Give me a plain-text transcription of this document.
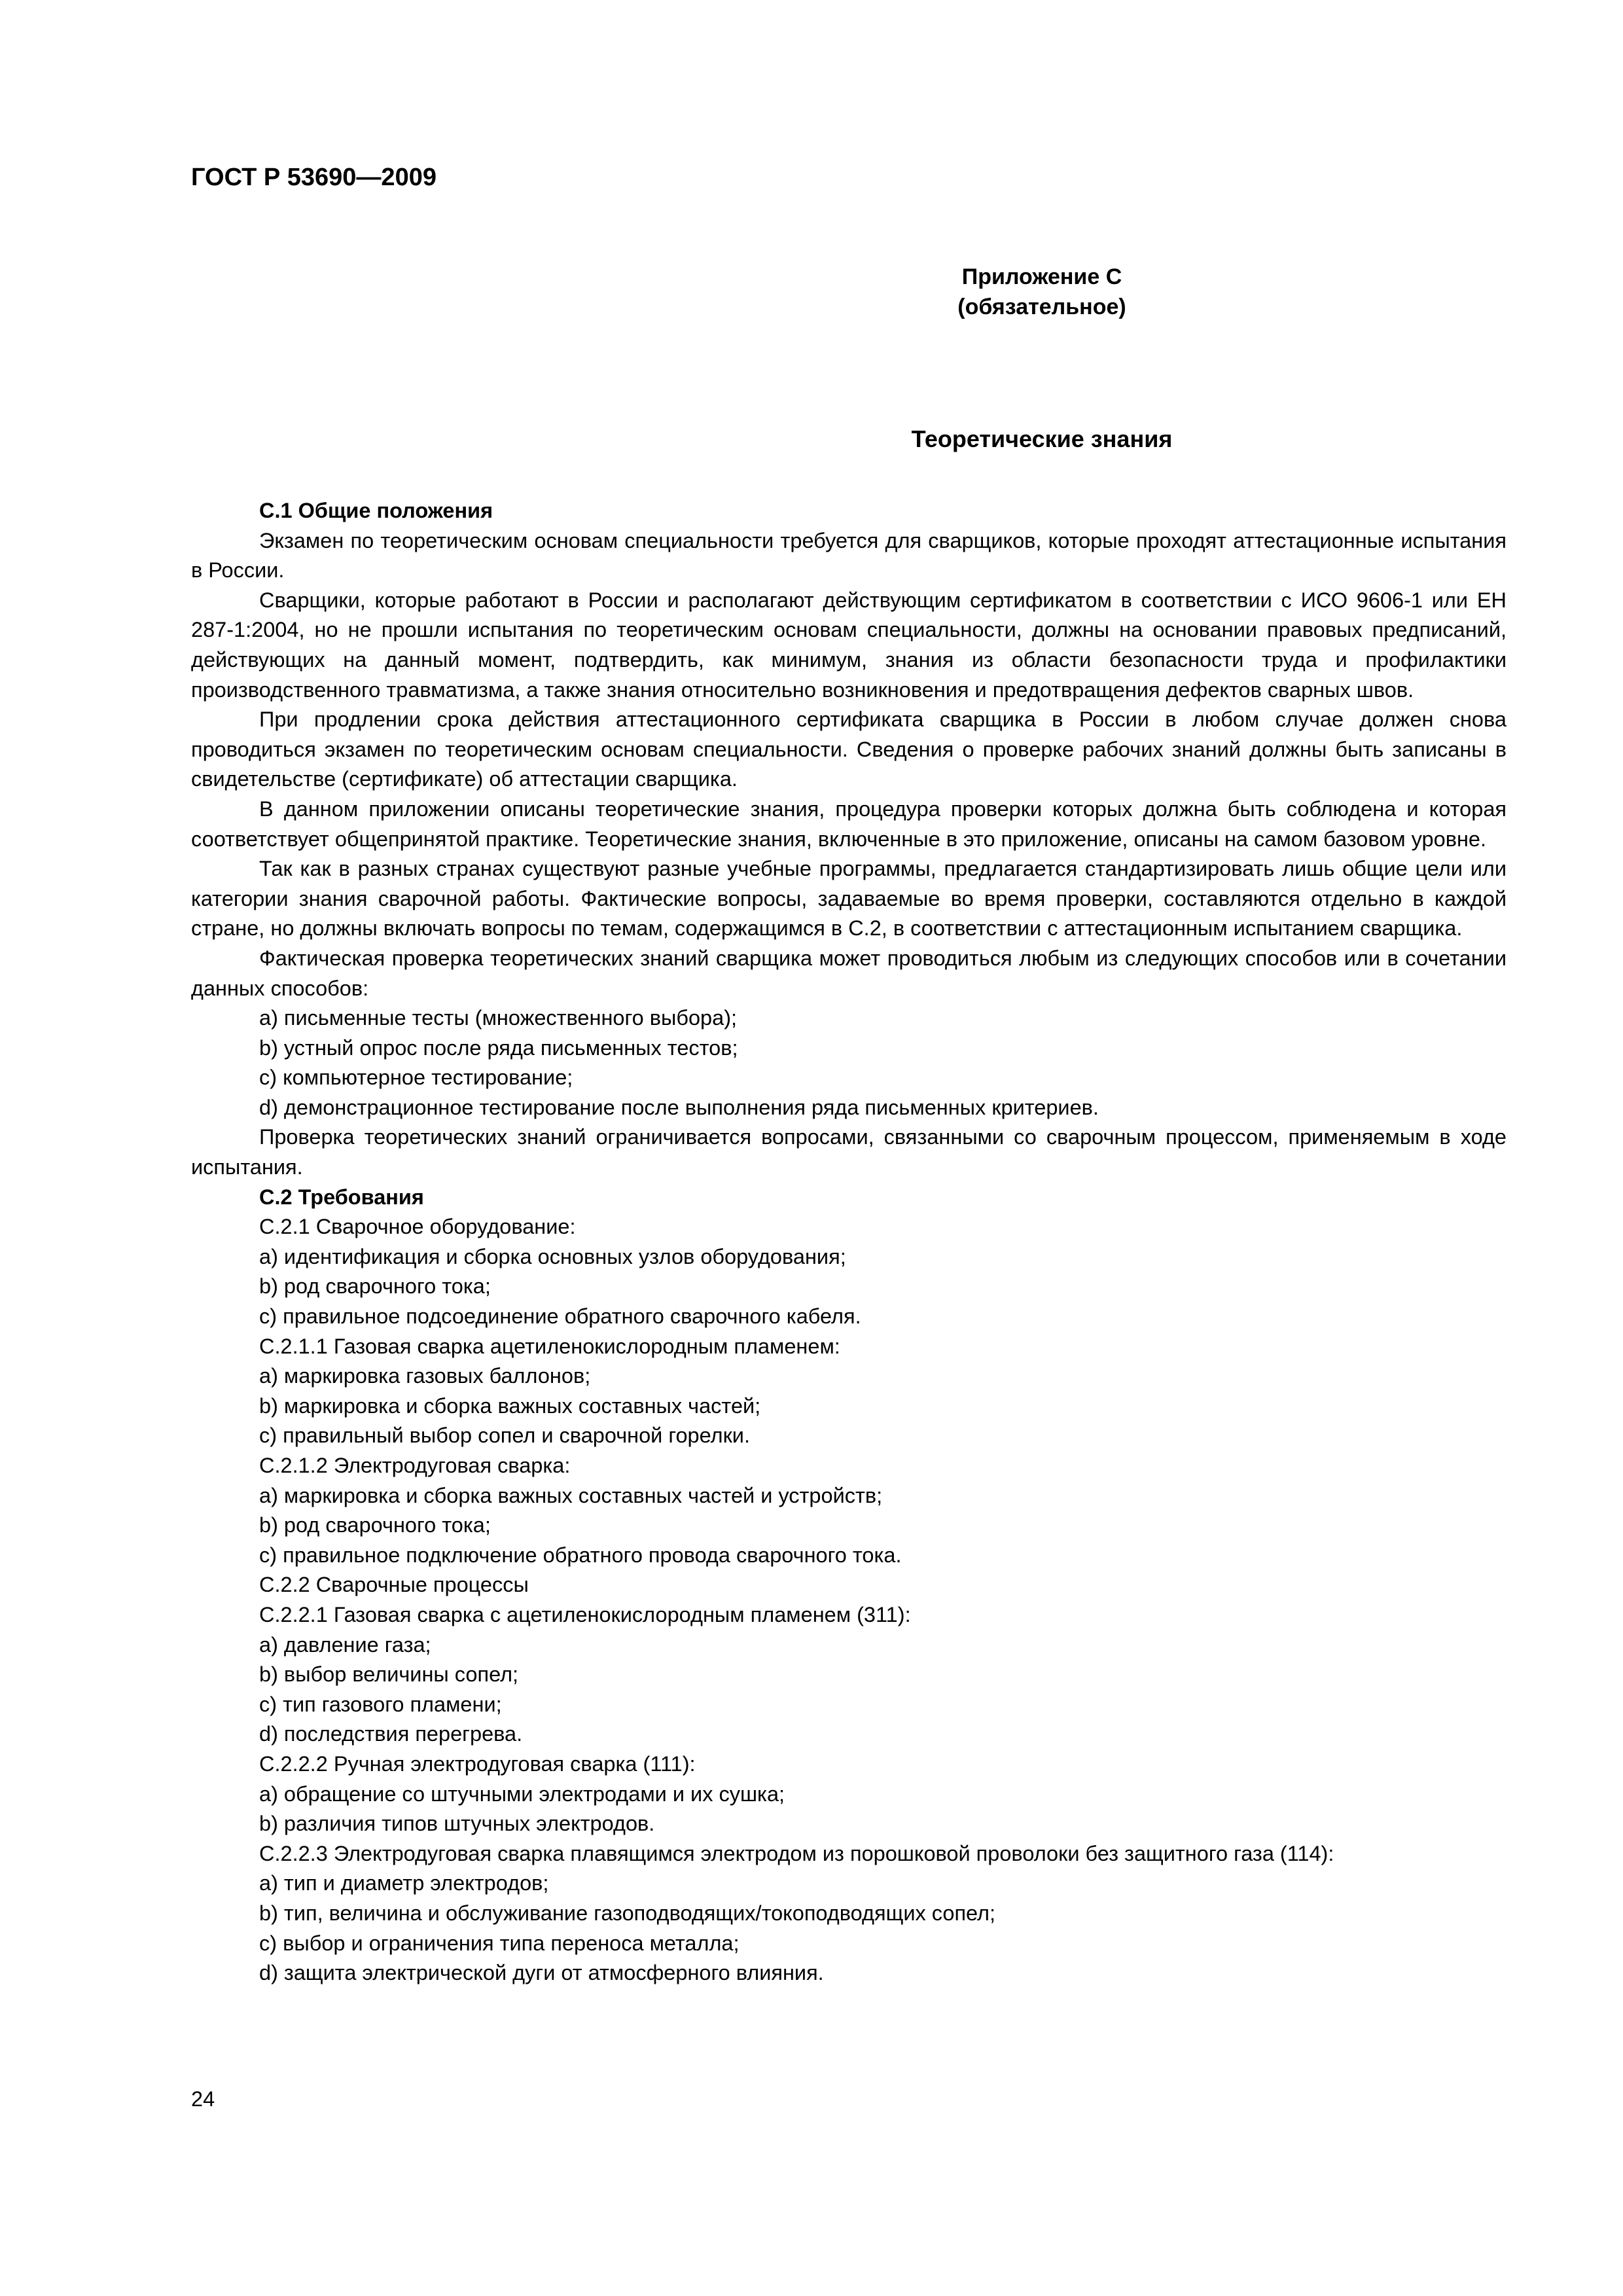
ГОСТ Р 53690—2009
Приложение С
(обязательное)
Теоретические знания

С.1 Общие положения

Экзамен по теоретическим основам специальности требуется для сварщиков, которые проходят аттестационные испытания в России.

Сварщики, которые работают в России и располагают действующим сертификатом в соответствии с ИСО 9606-1 или ЕН 287-1:2004, но не прошли испытания по теоретическим основам специальности, должны на основании правовых предписаний, действующих на данный момент, подтвердить, как минимум, знания из области безопасности труда и профилактики производственного травматизма, а также знания относительно возникновения и предотвращения дефектов сварных швов.

При продлении срока действия аттестационного сертификата сварщика в России в любом случае должен снова проводиться экзамен по теоретическим основам специальности. Сведения о проверке рабочих знаний должны быть записаны в свидетельстве (сертификате) об аттестации сварщика.

В данном приложении описаны теоретические знания, процедура проверки которых должна быть соблюдена и которая соответствует общепринятой практике. Теоретические знания, включенные в это приложение, описаны на самом базовом уровне.

Так как в разных странах существуют разные учебные программы, предлагается стандартизировать лишь общие цели или категории знания сварочной работы. Фактические вопросы, задаваемые во время проверки, составляются отдельно в каждой стране, но должны включать вопросы по темам, содержащимся в С.2, в соответствии с аттестационным испытанием сварщика.

Фактическая проверка теоретических знаний сварщика может проводиться любым из следующих способов или в сочетании данных способов:

a) письменные тесты (множественного выбора);

b) устный опрос после ряда письменных тестов;

c) компьютерное тестирование;

d) демонстрационное тестирование после выполнения ряда письменных критериев.

Проверка теоретических знаний ограничивается вопросами, связанными со сварочным процессом, применяемым в ходе испытания.

С.2 Требования

С.2.1 Сварочное оборудование:

a) идентификация и сборка основных узлов оборудования;

b) род сварочного тока;

c) правильное подсоединение обратного сварочного кабеля.

С.2.1.1 Газовая сварка ацетиленокислородным пламенем:

a) маркировка газовых баллонов;

b) маркировка и сборка важных составных частей;

c) правильный выбор сопел и сварочной горелки.

С.2.1.2 Электродуговая сварка:

a) маркировка и сборка важных составных частей и устройств;

b) род сварочного тока;

c) правильное подключение обратного провода сварочного тока.

С.2.2 Сварочные процессы

С.2.2.1 Газовая сварка с ацетиленокислородным пламенем (311):

a) давление газа;

b) выбор величины сопел;

c) тип газового пламени;

d) последствия перегрева.

С.2.2.2 Ручная электродуговая сварка (111):

a) обращение со штучными электродами и их сушка;

b) различия типов штучных электродов.

С.2.2.3 Электродуговая сварка плавящимся электродом из порошковой проволоки без защитного газа (114):

a) тип и диаметр электродов;

b) тип, величина и обслуживание газоподводящих/токоподводящих сопел;

c) выбор и ограничения типа переноса металла;

d) защита электрической дуги от атмосферного влияния.

24
